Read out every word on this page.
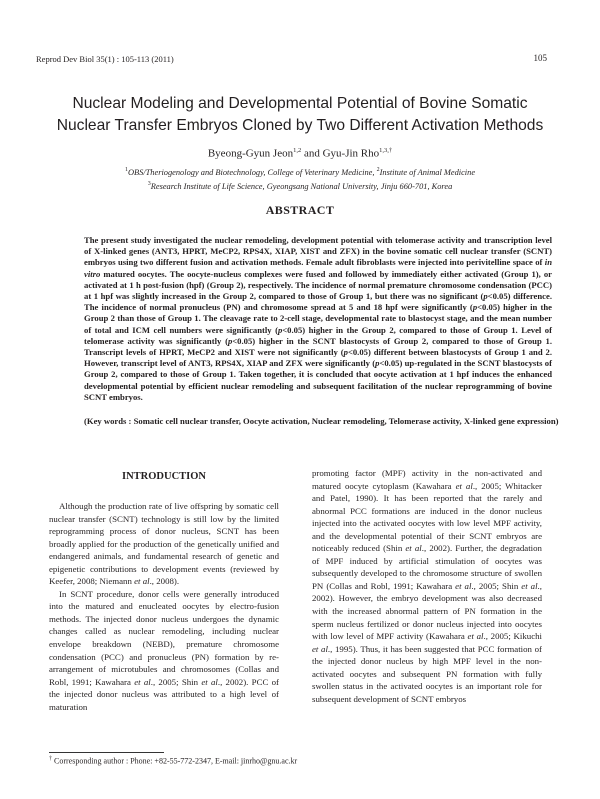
Reprod Dev Biol 35(1) : 105-113 (2011)	105
Nuclear Modeling and Developmental Potential of Bovine Somatic
Nuclear Transfer Embryos Cloned by Two Different Activation Methods
Byeong-Gyun Jeon$^{1,2}$ and Gyu-Jin Rho$^{1,3,\dagger}$
$^1$OBS/Theriogenology and Biotechnology, College of Veterinary Medicine, $^2$Institute of Animal Medicine
$^3$Research Institute of Life Science, Gyeongsang National University, Jinju 660-701, Korea
ABSTRACT

The present study investigated the nuclear remodeling, development potential with telomerase activity and transcription level of X-linked genes (ANT3, HPRT, MeCP2, RPS4X, XIAP, XIST and ZFX) in the bovine somatic cell nuclear transfer (SCNT) embryos using two different fusion and activation methods. Female adult fibroblasts were injected into perivitelline space of in vitro matured oocytes. The oocyte-nucleus complexes were fused and followed by immediately either activated (Group 1), or activated at 1 h post-fusion (hpf) (Group 2), respectively. The incidence of normal premature chromosome condensation (PCC) at 1 hpf was slightly increased in the Group 2, compared to those of Group 1, but there was no significant (p<0.05) difference. The incidence of normal pronucleus (PN) and chromosome spread at 5 and 18 hpf were significantly (p<0.05) higher in the Group 2 than those of Group 1. The cleavage rate to 2-cell stage, developmental rate to blastocyst stage, and the mean number of total and ICM cell numbers were significantly (p<0.05) higher in the Group 2, compared to those of Group 1. Level of telomerase activity was significantly (p<0.05) higher in the SCNT blastocysts of Group 2, compared to those of Group 1. Transcript levels of HPRT, MeCP2 and XIST were not significantly (p<0.05) different between blastocysts of Group 1 and 2. However, transcript level of ANT3, RPS4X, XIAP and ZFX were significantly (p<0.05) up-regulated in the SCNT blastocysts of Group 2, compared to those of Group 1. Taken together, it is concluded that oocyte activation at 1 hpf induces the enhanced developmental potential by efficient nuclear remodeling and subsequent facilitation of the nuclear reprogramming of bovine SCNT embryos.

(Key words : Somatic cell nuclear transfer, Oocyte activation, Nuclear remodeling, Telomerase activity, X-linked gene expression)

INTRODUCTION

Although the production rate of live offspring by somatic cell nuclear transfer (SCNT) technology is still low by the limited reprogramming process of donor nucleus, SCNT has been broadly applied for the production of the genetically unified and endangered animals, and fundamental research of genetic and epigenetic contributions to development events (reviewed by Keefer, 2008; Niemann et al., 2008).

In SCNT procedure, donor cells were generally introduced into the matured and enucleated oocytes by electro-fusion methods. The injected donor nucleus undergoes the dynamic changes called as nuclear remodeling, including nuclear envelope breakdown (NEBD), premature chromosome condensation (PCC) and pronucleus (PN) formation by re-arrangement of microtubules and chromosomes (Collas and Robl, 1991; Kawahara et al., 2005; Shin et al., 2002). PCC of the injected donor nucleus was attributed to a high level of maturation

promoting factor (MPF) activity in the non-activated and matured oocyte cytoplasm (Kawahara et al., 2005; Whitacker and Patel, 1990). It has been reported that the rarely and abnormal PCC formations are induced in the donor nucleus injected into the activated oocytes with low level MPF activity, and the developmental potential of their SCNT embryos are noticeably reduced (Shin et al., 2002). Further, the degradation of MPF induced by artificial stimulation of oocytes was subsequently developed to the chromosome structure of swollen PN (Collas and Robl, 1991; Kawahara et al., 2005; Shin et al., 2002). However, the embryo development was also decreased with the increased abnormal pattern of PN formation in the sperm nucleus fertilized or donor nucleus injected into oocytes with low level of MPF activity (Kawahara et al., 2005; Kikuchi et al., 1995). Thus, it has been suggested that PCC formation of the injected donor nucleus by high MPF level in the non-activated oocytes and subsequent PN formation with fully swollen status in the activated oocytes is an important role for subsequent development of SCNT embryos

† Corresponding author : Phone: +82-55-772-2347, E-mail: jinrho@gnu.ac.kr
